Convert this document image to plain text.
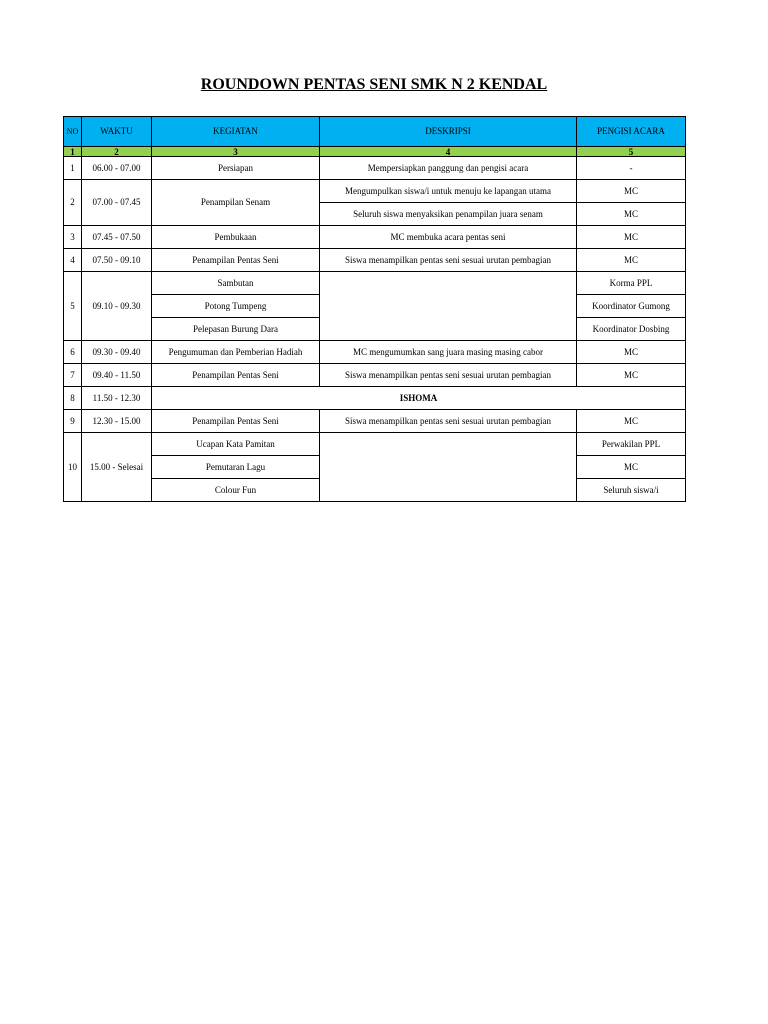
ROUNDOWN PENTAS SENI SMK N 2 KENDAL
NO	WAKTU	KEGIATAN	DESKRIPSI	PENGISI ACARA
1	2	3	4	5
1	06.00 - 07.00	Persiapan	Mempersiapkan panggung dan pengisi acara	-
2	07.00 - 07.45	Penampilan Senam	Mengumpulkan siswa/i untuk menuju ke lapangan utama	MC
			Seluruh siswa menyaksikan penampilan juara senam	MC
3	07.45 - 07.50	Pembukaan	MC membuka acara pentas seni	MC
4	07.50 - 09.10	Penampilan Pentas Seni	Siswa menampilkan pentas seni sesuai urutan pembagian	MC
5	09.10 - 09.30	Sambutan		Korma PPL
		Potong Tumpeng		Koordinator Gumong
		Pelepasan Burung Dara		Koordinator Dosbing
6	09.30 - 09.40	Pengumuman dan Pemberian Hadiah	MC mengumumkan sang juara masing masing cabor	MC
7	09.40 - 11.50	Penampilan Pentas Seni	Siswa menampilkan pentas seni sesuai urutan pembagian	MC
8	11.50 - 12.30	ISHOMA		
9	12.30 - 15.00	Penampilan Pentas Seni	Siswa menampilkan pentas seni sesuai urutan pembagian	MC
10	15.00 - Selesai	Ucapan Kata Pamitan		Perwakilan PPL
		Pemutaran Lagu		MC
		Colour Fun		Seluruh siswa/i
